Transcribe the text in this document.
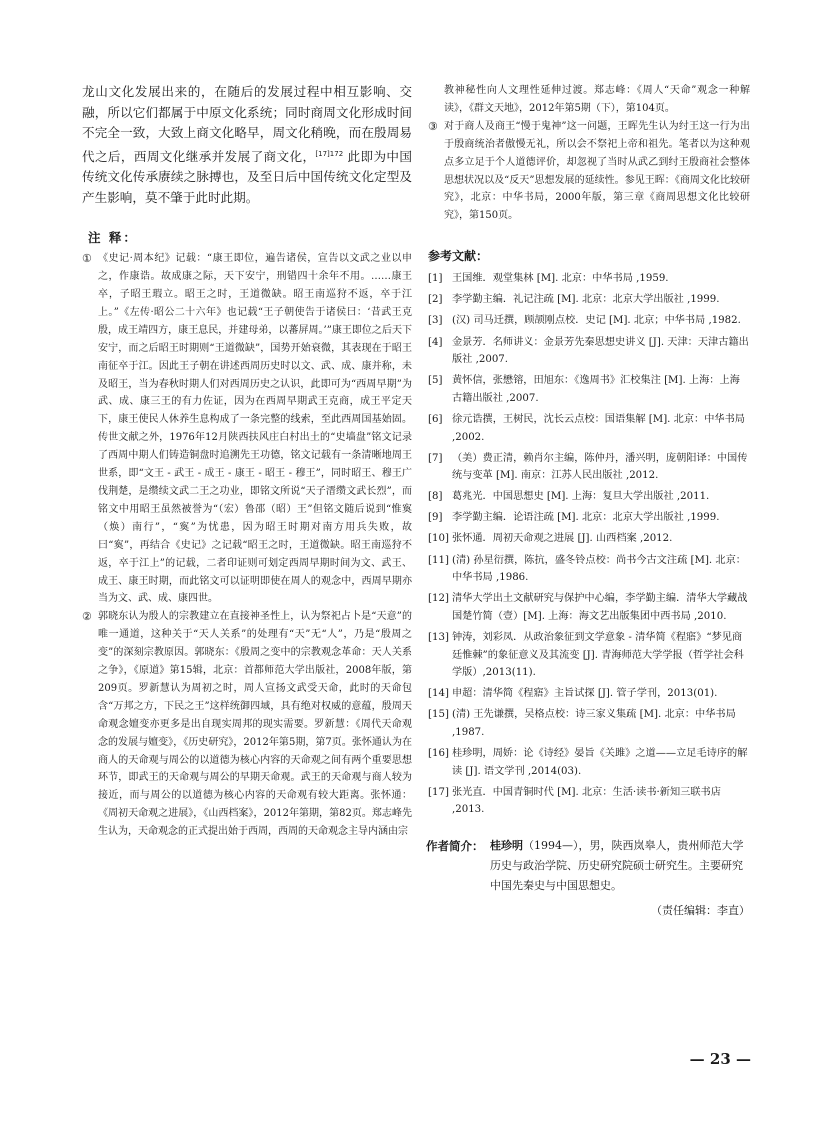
龙山文化发展出来的，在随后的发展过程中相互影响、交融，所以它们都属于中原文化系统；同时商周文化形成时间不完全一致，大致上商文化略早，周文化稍晚，而在殷周易代之后，西周文化继承并发展了商文化，$^{[17]172}$ 此即为中国传统文化传承赓续之脉搏也，及至日后中国传统文化定型及产生影响，莫不肇于此时此期。

注 释：

① 《史记·周本纪》记载：“康王即位，遍告诸侯，宣告以文武之业以申之，作康诰。故成康之际，天下安宁，刑错四十余年不用。……康王卒，子昭王瑕立。昭王之时，王道微缺。昭王南巡狩不返，卒于江上。”《左传·昭公二十六年》也记载“王子朝使告于诸侯曰：‘昔武王克殷，成王靖四方，康王息民，并建母弟，以蕃屏周。’”康王即位之后天下安宁，而之后昭王时期则“王道微缺”，国势开始衰微，其表现在于昭王南征卒于江。因此王子朝在讲述西周历史时以文、武、成、康并称，未及昭王，当为春秋时期人们对西周历史之认识，此即可为“西周早期”为武、成、康三王的有力佐证，因为在西周早期武王克商，成王平定天下，康王使民人休养生息构成了一条完整的线索，至此西周国基始固。传世文献之外，1976年12月陕西扶风庄白村出土的“史墙盘”铭文记录了西周中期人们铸造铜盘时追溯先王功德，铭文记载有一条清晰地周王世系，即“文王 - 武王 - 成王 - 康王 - 昭王 - 穆王”，同时昭王、穆王广伐荆楚，是缵续文武二王之功业，即铭文所说“天子溍缵文武长烈”，而铭文中用昭王虽然被誉为“（宏）鲁邵（昭）王”但铭文随后说到“惟寏（焕）南行”，“寏”为忧患，因为昭王时期对南方用兵失败，故曰“寏”，再结合《史记》之记载“昭王之时，王道微缺。昭王南巡狩不返，卒于江上”的记载，二者印证则可划定西周早期时间为文、武王、成王、康王时期，而此铭文可以证明即使在周人的观念中，西周早期亦当为文、武、成、康四世。

② 郭晓东认为殷人的宗教建立在直接神圣性上，认为祭祀占卜是“天意”的唯一通道，这种关于“天人关系”的处理有“天”无“人”，乃是“殷周之变”的深刻宗教原因。郭晓东：《殷周之变中的宗教观念革命：天人关系之争》，《原道》第15辑，北京：首都师范大学出版社，2008年版，第209页。罗新慧认为周初之时，周人宣扬文武受天命，此时的天命包含“万邦之方，下民之王”这样统御四域，具有绝对权威的意蕴，殷周天命观念嬗变亦更多是出自现实周邦的现实需要。罗新慧：《周代天命观念的发展与嬗变》，《历史研究》，2012年第5期，第7页。张怀通认为在商人的天命观与周公的以道德为核心内容的天命观之间有两个重要思想环节，即武王的天命观与周公的早期天命观。武王的天命观与商人较为接近，而与周公的以道德为核心内容的天命观有较大距离。张怀通：《周初天命观之进展》，《山西档案》，2012年第期，第82页。郑志峰先生认为，天命观念的正式提出始于西周，西周的天命观念主导内涵由宗

教神秘性向人文理性延伸过渡。郑志峰：《周人“天命”观念一种解读》，《群文天地》，2012年第5期（下），第104页。

③ 对于商人及商王“慢于鬼神”这一问题，王晖先生认为纣王这一行为出于殷商统治者傲慢无礼，所以会不祭祀上帝和祖先。笔者以为这种观点多立足于个人道德评价，却忽视了当时从武乙到纣王殷商社会整体思想状况以及“反天”思想发展的延续性。参见王晖：《商周文化比较研究》，北京：中华书局，2000年版，第三章《商周思想文化比较研究》，第150页。

参考文献：

[1] 王国维．观堂集林 [M]. 北京：中华书局 ,1959.

[2] 李学勤主编．礼记注疏 [M]. 北京：北京大学出版社 ,1999.

[3] (汉) 司马迁撰，顾颉刚点校．史记 [M]. 北京；中华书局 ,1982.

[4] 金景芳．名师讲义：金景芳先秦思想史讲义 [J]. 天津：天津古籍出版社 ,2007.

[5] 黄怀信，张懋镕，田旭东：《逸周书》汇校集注 [M]. 上海：上海古籍出版社 ,2007.

[6] 徐元诰撰，王树民，沈长云点校：国语集解 [M]. 北京：中华书局 ,2002.

[7] （美）费正清，赖肖尔主编，陈仲丹，潘兴明，庞朝阳译：中国传统与变革 [M]. 南京：江苏人民出版社 ,2012.

[8] 葛兆光．中国思想史 [M]. 上海：复旦大学出版社 ,2011.

[9] 李学勤主编．论语注疏 [M]. 北京：北京大学出版社 ,1999.

[10] 张怀通．周初天命观之进展 [J]. 山西档案 ,2012.

[11] (清) 孙星衍撰，陈抗，盛冬铃点校：尚书今古文注疏 [M]. 北京：中华书局 ,1986.

[12] 清华大学出土文献研究与保护中心编，李学勤主编．清华大学藏战国楚竹简（壹）[M]. 上海：海文艺出版集团中西书局 ,2010.

[13] 钟涛，刘彩凤．从政治象征到文学意象 - 清华简《程寤》“梦见商廷惟棘”的象征意义及其流变 [J]. 青海师范大学学报（哲学社会科学版）,2013(11).

[14] 申超：清华简《程寤》主旨试探 [J]. 管子学刊，2013(01).

[15] (清) 王先谦撰，吴格点校：诗三家义集疏 [M]. 北京：中华书局 ,1987.

[16] 桂珍明，周娇：论《诗经》晏旨《关雎》之道——立足毛诗序的解读 [J]. 语文学刊 ,2014(03).

[17] 张光直．中国青铜时代 [M]. 北京：生活·读书·新知三联书店 ,2013.

作者简介： 桂珍明（1994—），男，陕西岚皋人，贵州师范大学历史与政治学院、历史研究院硕士研究生。主要研究中国先秦史与中国思想史。
（责任编辑：李直）
— 23 —
